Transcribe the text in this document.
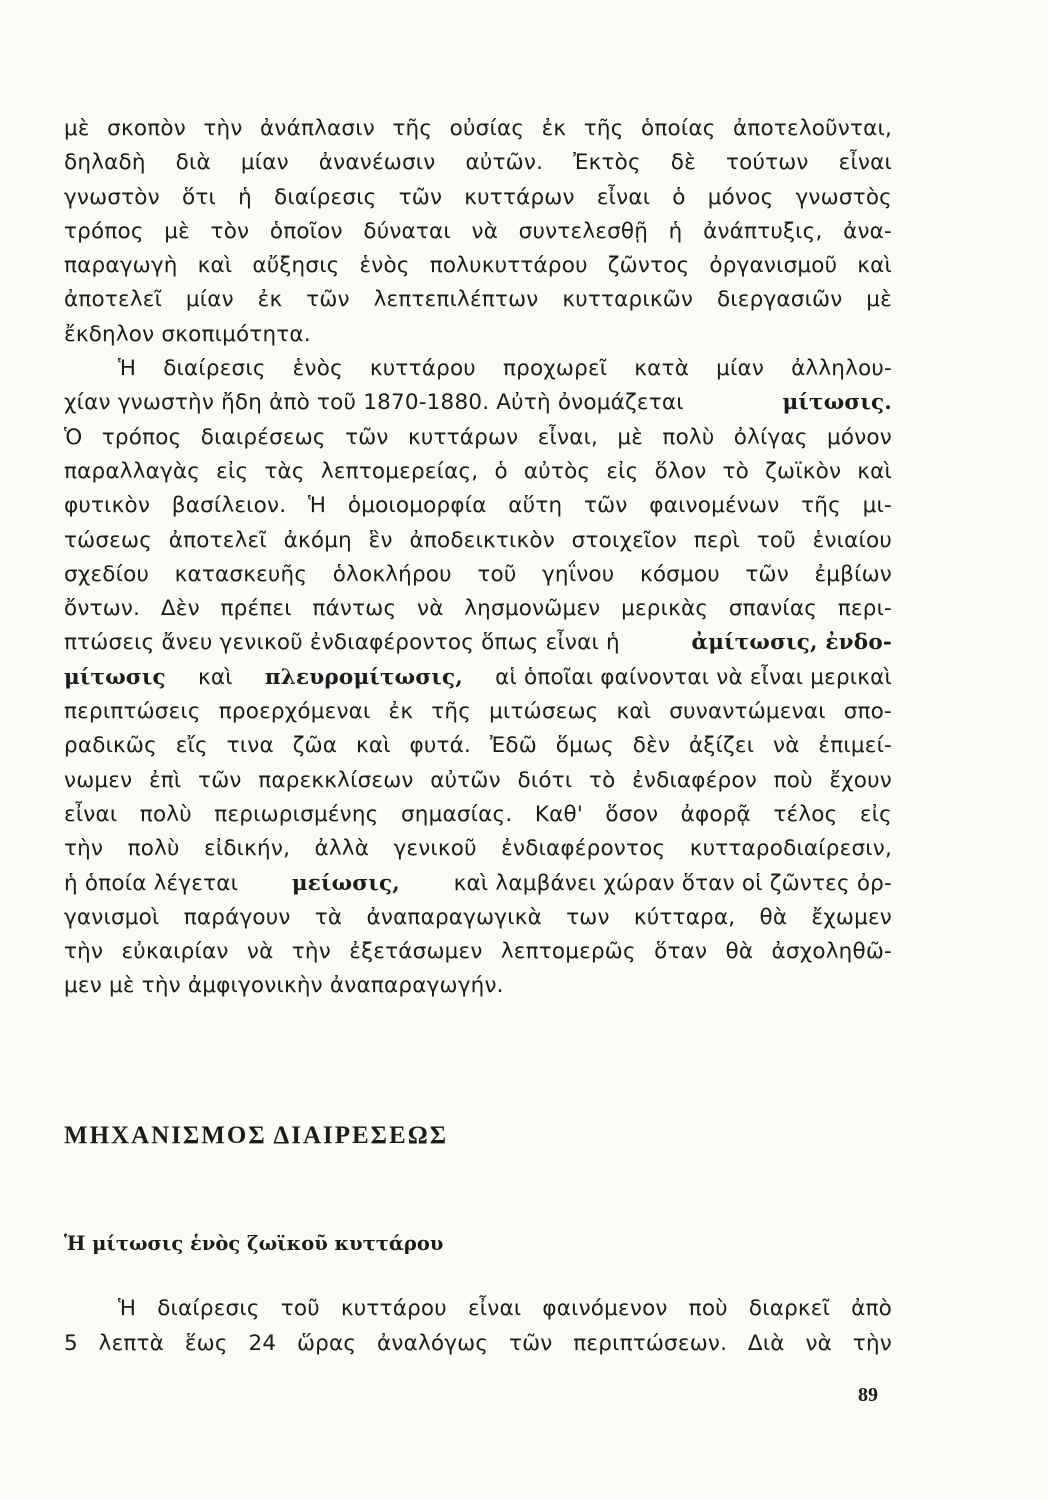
μὲ σκοπὸν τὴν ἀνάπλασιν τῆς οὐσίας ἐκ τῆς ὁποίας ἀποτελοῦνται,
δηλαδὴ διὰ μίαν ἀνανέωσιν αὐτῶν. Ἐκτὸς δὲ τούτων εἶναι
γνωστὸν ὅτι ἡ διαίρεσις τῶν κυττάρων εἶναι ὁ μόνος γνωστὸς
τρόπος μὲ τὸν ὁποῖον δύναται νὰ συντελεσθῇ ἡ ἀνάπτυξις, ἀνα-
παραγωγὴ καὶ αὔξησις ἑνὸς πολυκυττάρου ζῶντος ὀργανισμοῦ καὶ
ἀποτελεῖ μίαν ἐκ τῶν λεπτεπιλέπτων κυτταρικῶν διεργασιῶν μὲ
ἔκδηλον σκοπιμότητα.
Ἡ διαίρεσις ἑνὸς κυττάρου προχωρεῖ κατὰ μίαν ἀλληλου-
χίαν γνωστὴν ἤδη ἀπὸ τοῦ 1870-1880. Αὐτὴ ὀνομάζεται	μίτωσις.
Ὁ τρόπος διαιρέσεως τῶν κυττάρων εἶναι, μὲ πολὺ ὀλίγας μόνον
παραλλαγὰς εἰς τὰς λεπτομερείας, ὁ αὐτὸς εἰς ὅλον τὸ ζωϊκὸν καὶ
φυτικὸν βασίλειον. Ἡ ὁμοιομορφία αὕτη τῶν φαινομένων τῆς μι-
τώσεως ἀποτελεῖ ἀκόμη ἓν ἀποδεικτικὸν στοιχεῖον περὶ τοῦ ἑνιαίου
σχεδίου κατασκευῆς ὁλοκλήρου τοῦ γηΐνου κόσμου τῶν ἐμβίων
ὄντων. Δὲν πρέπει πάντως νὰ λησμονῶμεν μερικὰς σπανίας περι-
πτώσεις ἄνευ γενικοῦ ἐνδιαφέροντος ὅπως εἶναι ἡ	ἀμίτωσις, ἐνδο-
μίτωσις καὶ πλευρομίτωσις, αἱ ὁποῖαι φαίνονται νὰ εἶναι μερικαὶ
περιπτώσεις προερχόμεναι ἐκ τῆς μιτώσεως καὶ συναντώμεναι σπο-
ραδικῶς εἴς τινα ζῶα καὶ φυτά. Ἐδῶ ὅμως δὲν ἀξίζει νὰ ἐπιμεί-
νωμεν ἐπὶ τῶν παρεκκλίσεων αὐτῶν διότι τὸ ἐνδιαφέρον ποὺ ἔχουν
εἶναι πολὺ περιωρισμένης σημασίας. Καθ' ὅσον ἀφορᾷ τέλος εἰς
τὴν πολὺ εἰδικήν, ἀλλὰ γενικοῦ ἐνδιαφέροντος κυτταροδιαίρεσιν,
ἡ ὁποία λέγεται μείωσις, καὶ λαμβάνει χώραν ὅταν οἱ ζῶντες ὀρ-
γανισμοὶ παράγουν τὰ ἀναπαραγωγικὰ των κύτταρα, θὰ ἔχωμεν
τὴν εὐκαιρίαν νὰ τὴν ἐξετάσωμεν λεπτομερῶς ὅταν θὰ ἀσχοληθῶ-
μεν μὲ τὴν ἀμφιγονικὴν ἀναπαραγωγήν.
ΜΗΧΑΝΙΣΜΟΣ ΔΙΑΙΡΕΣΕΩΣ
Ἡ μίτωσις ἑνὸς ζωϊκοῦ κυττάρου
Ἡ διαίρεσις τοῦ κυττάρου εἶναι φαινόμενον ποὺ διαρκεῖ ἀπὸ
5 λεπτὰ ἕως 24 ὥρας ἀναλόγως τῶν περιπτώσεων. Διὰ νὰ τὴν
89
